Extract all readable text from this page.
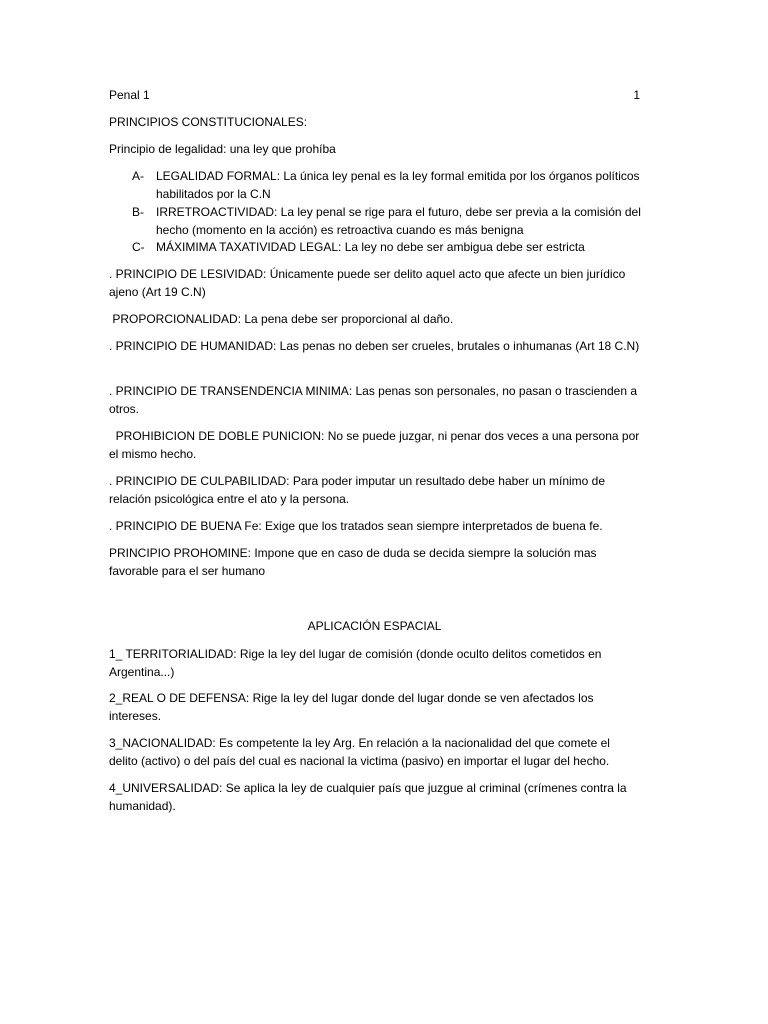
Penal 1	1

PRINCIPIOS CONSTITUCIONALES:

Principio de legalidad: una ley que prohíba

A-	LEGALIDAD FORMAL: La única ley penal es la ley formal emitida por los órganos políticos habilitados por la C.N
B-	IRRETROACTIVIDAD: La ley penal se rige para el futuro, debe ser previa a la comisión del hecho (momento en la acción) es retroactiva cuando es más benigna
C- MÁXIMIMA TAXATIVIDAD LEGAL: La ley no debe ser ambigua debe ser estricta

. PRINCIPIO DE LESIVIDAD: Únicamente puede ser delito aquel acto que afecte un bien jurídico ajeno (Art 19 C.N)

PROPORCIONALIDAD: La pena debe ser proporcional al daño.

. PRINCIPIO DE HUMANIDAD: Las penas no deben ser crueles, brutales o inhumanas (Art 18 C.N)

. PRINCIPIO DE TRANSENDENCIA MINIMA: Las penas son personales, no pasan o trascienden a otros.

PROHIBICION DE DOBLE PUNICION: No se puede juzgar, ni penar dos veces a una persona por el mismo hecho.

. PRINCIPIO DE CULPABILIDAD: Para poder imputar un resultado debe haber un mínimo de relación psicológica entre el ato y la persona.

. PRINCIPIO DE BUENA Fe: Exige que los tratados sean siempre interpretados de buena fe.

PRINCIPIO PROHOMINE: Impone que en caso de duda se decida siempre la solución mas favorable para el ser humano

APLICACIÓN ESPACIAL

1_ TERRITORIALIDAD: Rige la ley del lugar de comisión (donde oculto delitos cometidos en Argentina...)

2_REAL O DE DEFENSA: Rige la ley del lugar donde del lugar donde se ven afectados los intereses.

3_NACIONALIDAD: Es competente la ley Arg. En relación a la nacionalidad del que comete el delito (activo) o del país del cual es nacional la victima (pasivo) en importar el lugar del hecho.

4_UNIVERSALIDAD: Se aplica la ley de cualquier país que juzgue al criminal (crímenes contra la humanidad).
